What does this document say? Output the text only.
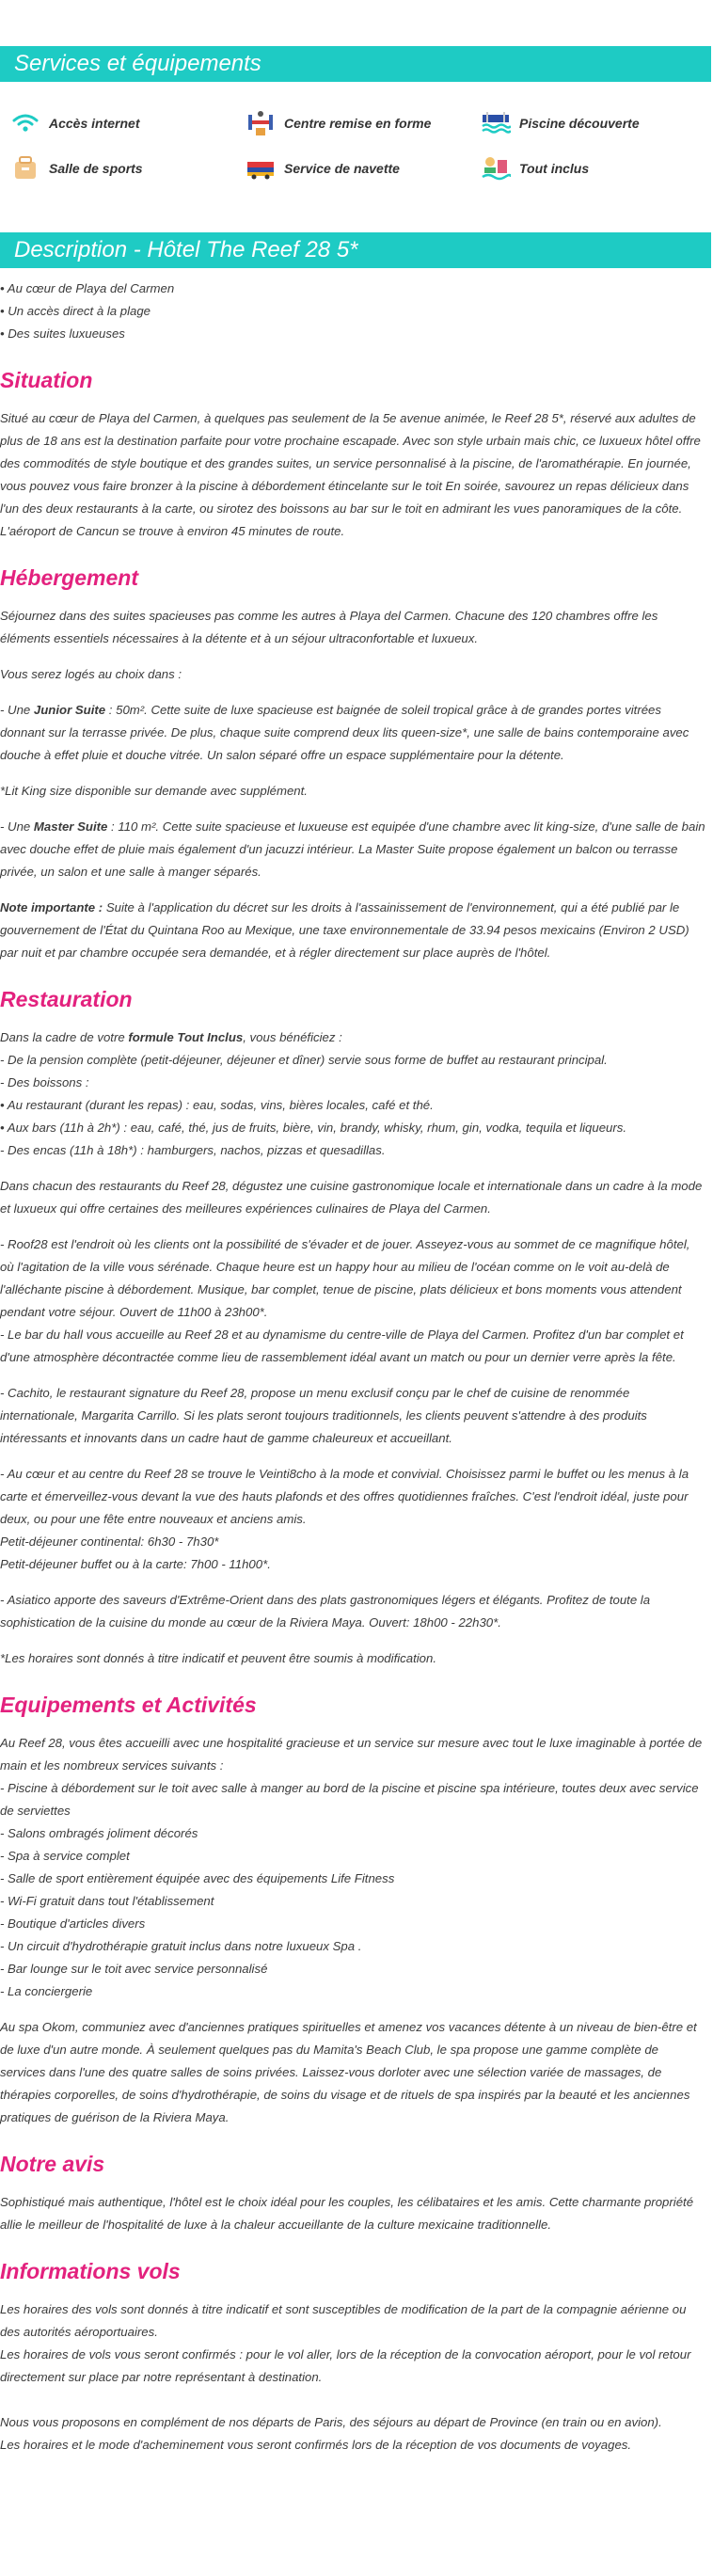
Services et équipements
Accès internet	Centre remise en forme	Piscine découverte
Salle de sports	Service de navette	Tout inclus
Description - Hôtel The Reef 28 5*
• Au cœur de Playa del Carmen
• Un accès direct à la plage
• Des suites luxueuses
Situation

Situé au cœur de Playa del Carmen, à quelques pas seulement de la 5e avenue animée, le Reef 28 5*, réservé aux adultes de plus de 18 ans est la destination parfaite pour votre prochaine escapade. Avec son style urbain mais chic, ce luxueux hôtel offre des commodités de style boutique et des grandes suites, un service personnalisé à la piscine, de l'aromathérapie. En journée, vous pouvez vous faire bronzer à la piscine à débordement étincelante sur le toit En soirée, savourez un repas délicieux dans l'un des deux restaurants à la carte, ou sirotez des boissons au bar sur le toit en admirant les vues panoramiques de la côte.

L'aéroport de Cancun se trouve à environ 45 minutes de route.

Hébergement

Séjournez dans des suites spacieuses pas comme les autres à Playa del Carmen. Chacune des 120 chambres offre les éléments essentiels nécessaires à la détente et à un séjour ultraconfortable et luxueux.

Vous serez logés au choix dans :

- Une Junior Suite : 50m². Cette suite de luxe spacieuse est baignée de soleil tropical grâce à de grandes portes vitrées donnant sur la terrasse privée. De plus, chaque suite comprend deux lits queen-size*, une salle de bains contemporaine avec douche à effet pluie et douche vitrée. Un salon séparé offre un espace supplémentaire pour la détente.

*Lit King size disponible sur demande avec supplément.

- Une Master Suite : 110 m². Cette suite spacieuse et luxueuse est equipée d'une chambre avec lit king-size, d'une salle de bain avec douche effet de pluie mais également d'un jacuzzi intérieur. La Master Suite propose également un balcon ou terrasse privée, un salon et une salle à manger séparés.

Note importante : Suite à l'application du décret sur les droits à l'assainissement de l'environnement, qui a été publié par le gouvernement de l'État du Quintana Roo au Mexique, une taxe environnementale de 33.94 pesos mexicains (Environ 2 USD) par nuit et par chambre occupée sera demandée, et à régler directement sur place auprès de l'hôtel.

Restauration

Dans la cadre de votre formule Tout Inclus, vous bénéficiez :

- De la pension complète (petit-déjeuner, déjeuner et dîner) servie sous forme de buffet au restaurant principal.

- Des boissons :

• Au restaurant (durant les repas) : eau, sodas, vins, bières locales, café et thé.

• Aux bars (11h à 2h*) : eau, café, thé, jus de fruits, bière, vin, brandy, whisky, rhum, gin, vodka, tequila et liqueurs.

- Des encas (11h à 18h*) : hamburgers, nachos, pizzas et quesadillas.

Dans chacun des restaurants du Reef 28, dégustez une cuisine gastronomique locale et internationale dans un cadre à la mode et luxueux qui offre certaines des meilleures expériences culinaires de Playa del Carmen.

- Roof28 est l'endroit où les clients ont la possibilité de s'évader et de jouer. Asseyez-vous au sommet de ce magnifique hôtel, où l'agitation de la ville vous sérénade. Chaque heure est un happy hour au milieu de l'océan comme on le voit au-delà de l'alléchante piscine à débordement. Musique, bar complet, tenue de piscine, plats délicieux et bons moments vous attendent pendant votre séjour. Ouvert de 11h00 à 23h00*.

- Le bar du hall vous accueille au Reef 28 et au dynamisme du centre-ville de Playa del Carmen. Profitez d'un bar complet et d'une atmosphère décontractée comme lieu de rassemblement idéal avant un match ou pour un dernier verre après la fête.

- Cachito, le restaurant signature du Reef 28, propose un menu exclusif conçu par le chef de cuisine de renommée internationale, Margarita Carrillo. Si les plats seront toujours traditionnels, les clients peuvent s'attendre à des produits intéressants et innovants dans un cadre haut de gamme chaleureux et accueillant.

- Au cœur et au centre du Reef 28 se trouve le Veinti8cho à la mode et convivial. Choisissez parmi le buffet ou les menus à la carte et émerveillez-vous devant la vue des hauts plafonds et des offres quotidiennes fraîches. C'est l'endroit idéal, juste pour deux, ou pour une fête entre nouveaux et anciens amis.

Petit-déjeuner continental: 6h30 - 7h30*

Petit-déjeuner buffet ou à la carte: 7h00 - 11h00*.

- Asiatico apporte des saveurs d'Extrême-Orient dans des plats gastronomiques légers et élégants. Profitez de toute la sophistication de la cuisine du monde au cœur de la Riviera Maya. Ouvert: 18h00 - 22h30*.

*Les horaires sont donnés à titre indicatif et peuvent être soumis à modification.

Equipements et Activités

Au Reef 28, vous êtes accueilli avec une hospitalité gracieuse et un service sur mesure avec tout le luxe imaginable à portée de main et les nombreux services suivants :

- Piscine à débordement sur le toit avec salle à manger au bord de la piscine et piscine spa intérieure, toutes deux avec service de serviettes

- Salons ombragés joliment décorés

- Spa à service complet

- Salle de sport entièrement équipée avec des équipements Life Fitness

- Wi-Fi gratuit dans tout l'établissement

- Boutique d'articles divers

- Un circuit d'hydrothérapie gratuit inclus dans notre luxueux Spa .

- Bar lounge sur le toit avec service personnalisé

- La conciergerie

Au spa Okom, communiez avec d'anciennes pratiques spirituelles et amenez vos vacances détente à un niveau de bien-être et de luxe d'un autre monde. À seulement quelques pas du Mamita's Beach Club, le spa propose une gamme complète de services dans l'une des quatre salles de soins privées. Laissez-vous dorloter avec une sélection variée de massages, de thérapies corporelles, de soins d'hydrothérapie, de soins du visage et de rituels de spa inspirés par la beauté et les anciennes pratiques de guérison de la Riviera Maya.

Notre avis

Sophistiqué mais authentique, l'hôtel est le choix idéal pour les couples, les célibataires et les amis. Cette charmante propriété allie le meilleur de l'hospitalité de luxe à la chaleur accueillante de la culture mexicaine traditionnelle.

Informations vols

Les horaires des vols sont donnés à titre indicatif et sont susceptibles de modification de la part de la compagnie aérienne ou des autorités aéroportuaires.

Les horaires de vols vous seront confirmés : pour le vol aller, lors de la réception de la convocation aéroport, pour le vol retour directement sur place par notre représentant à destination.

Nous vous proposons en complément de nos départs de Paris, des séjours au départ de Province (en train ou en avion).

Les horaires et le mode d'acheminement vous seront confirmés lors de la réception de vos documents de voyages.
